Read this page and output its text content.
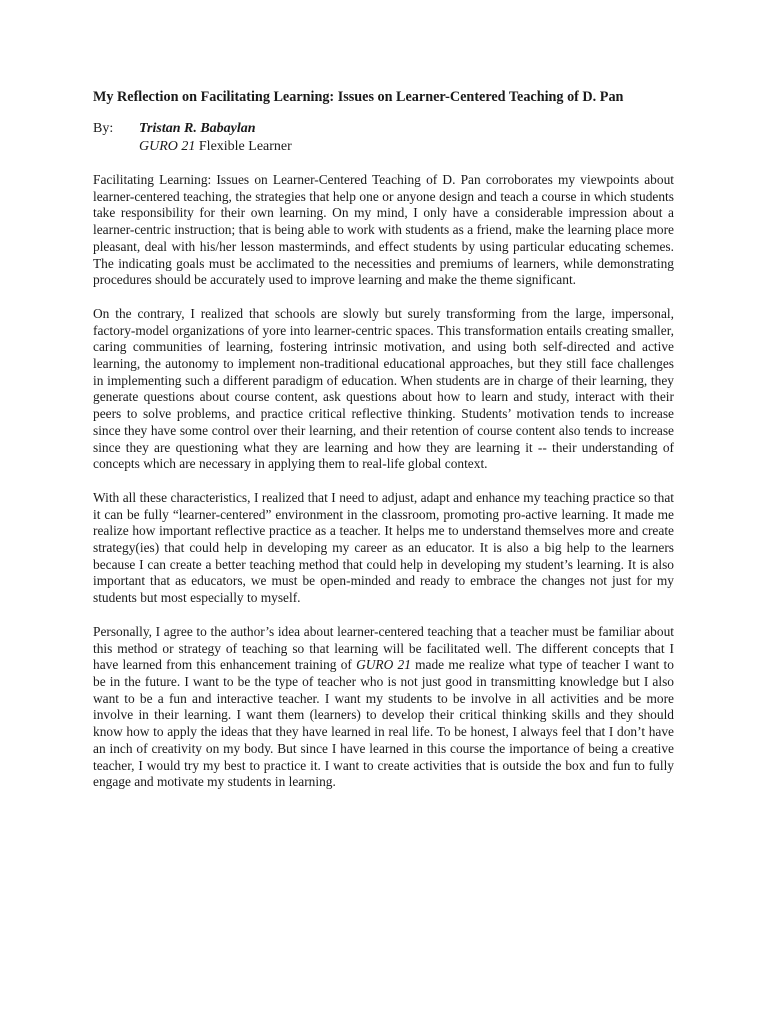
My Reflection on Facilitating Learning: Issues on Learner-Centered Teaching of D. Pan
By: Tristan R. Babaylan
GURO 21 Flexible Learner

Facilitating Learning: Issues on Learner-Centered Teaching of D. Pan corroborates my viewpoints about learner-centered teaching, the strategies that help one or anyone design and teach a course in which students take responsibility for their own learning. On my mind, I only have a considerable impression about a learner-centric instruction; that is being able to work with students as a friend, make the learning place more pleasant, deal with his/her lesson masterminds, and effect students by using particular educating schemes. The indicating goals must be acclimated to the necessities and premiums of learners, while demonstrating procedures should be accurately used to improve learning and make the theme significant.

On the contrary, I realized that schools are slowly but surely transforming from the large, impersonal, factory-model organizations of yore into learner-centric spaces. This transformation entails creating smaller, caring communities of learning, fostering intrinsic motivation, and using both self-directed and active learning, the autonomy to implement non-traditional educational approaches, but they still face challenges in implementing such a different paradigm of education. When students are in charge of their learning, they generate questions about course content, ask questions about how to learn and study, interact with their peers to solve problems, and practice critical reflective thinking. Students’ motivation tends to increase since they have some control over their learning, and their retention of course content also tends to increase since they are questioning what they are learning and how they are learning it -- their understanding of concepts which are necessary in applying them to real-life global context.

With all these characteristics, I realized that I need to adjust, adapt and enhance my teaching practice so that it can be fully “learner-centered” environment in the classroom, promoting pro-active learning. It made me realize how important reflective practice as a teacher. It helps me to understand themselves more and create strategy(ies) that could help in developing my career as an educator. It is also a big help to the learners because I can create a better teaching method that could help in developing my student’s learning. It is also important that as educators, we must be open-minded and ready to embrace the changes not just for my students but most especially to myself.

Personally, I agree to the author’s idea about learner-centered teaching that a teacher must be familiar about this method or strategy of teaching so that learning will be facilitated well. The different concepts that I have learned from this enhancement training of GURO 21 made me realize what type of teacher I want to be in the future. I want to be the type of teacher who is not just good in transmitting knowledge but I also want to be a fun and interactive teacher. I want my students to be involve in all activities and be more involve in their learning. I want them (learners) to develop their critical thinking skills and they should know how to apply the ideas that they have learned in real life. To be honest, I always feel that I don’t have an inch of creativity on my body. But since I have learned in this course the importance of being a creative teacher, I would try my best to practice it. I want to create activities that is outside the box and fun to fully engage and motivate my students in learning.
